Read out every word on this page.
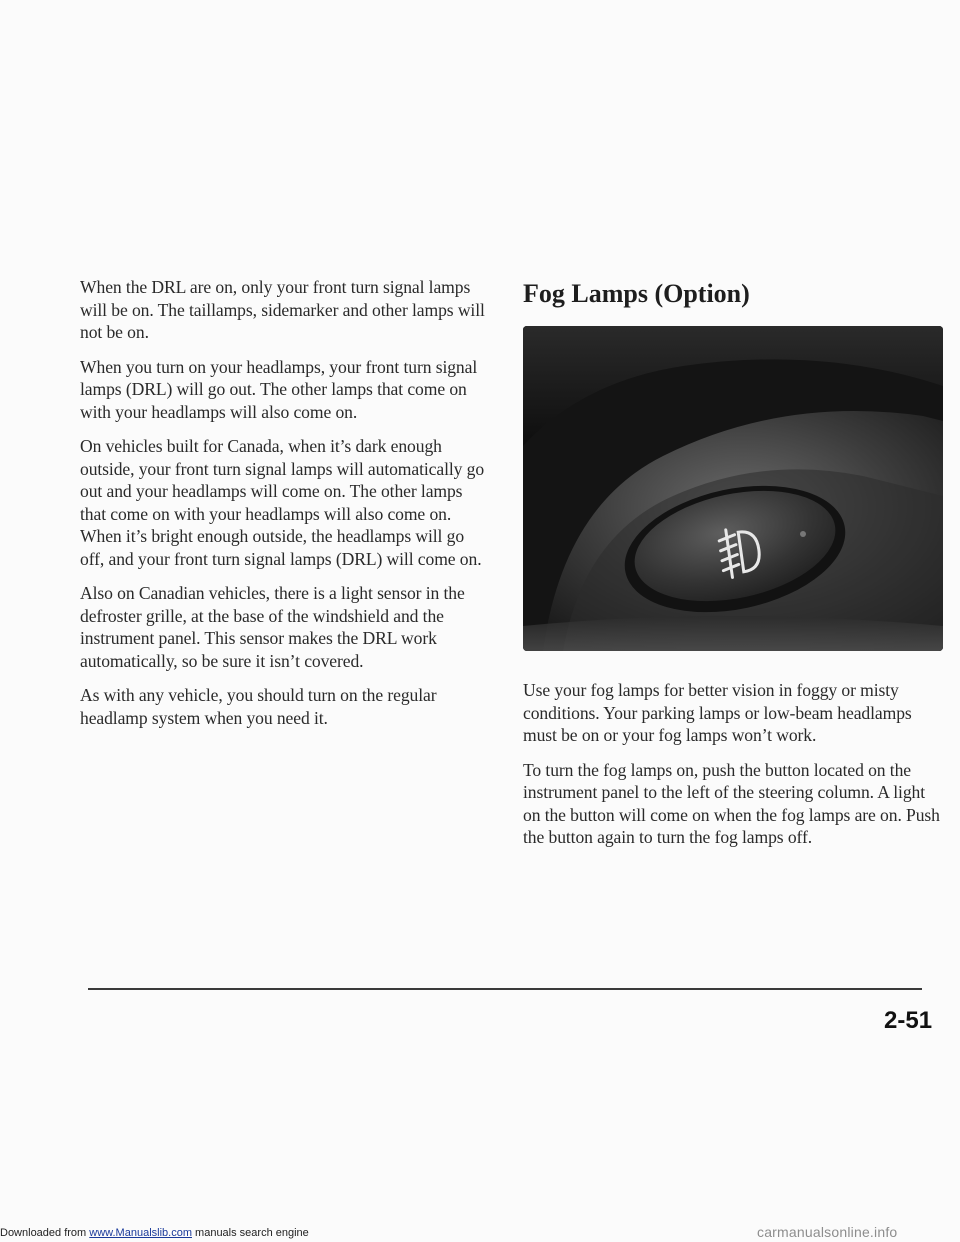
When the DRL are on, only your front turn signal lamps will be on. The taillamps, sidemarker and other lamps will not be on.

When you turn on your headlamps, your front turn signal lamps (DRL) will go out. The other lamps that come on with your headlamps will also come on.

On vehicles built for Canada, when it’s dark enough outside, your front turn signal lamps will automatically go out and your headlamps will come on. The other lamps that come on with your headlamps will also come on. When it’s bright enough outside, the headlamps will go off, and your front turn signal lamps (DRL) will come on.

Also on Canadian vehicles, there is a light sensor in the defroster grille, at the base of the windshield and the instrument panel. This sensor makes the DRL work automatically, so be sure it isn’t covered.

As with any vehicle, you should turn on the regular headlamp system when you need it.

Fog Lamps (Option)

Use your fog lamps for better vision in foggy or misty conditions. Your parking lamps or low-beam headlamps must be on or your fog lamps won’t work.

To turn the fog lamps on, push the button located on the instrument panel to the left of the steering column. A light on the button will come on when the fog lamps are on. Push the button again to turn the fog lamps off.

2-51
Downloaded from www.Manualslib.com manuals search engine	carmanualsonline.info
